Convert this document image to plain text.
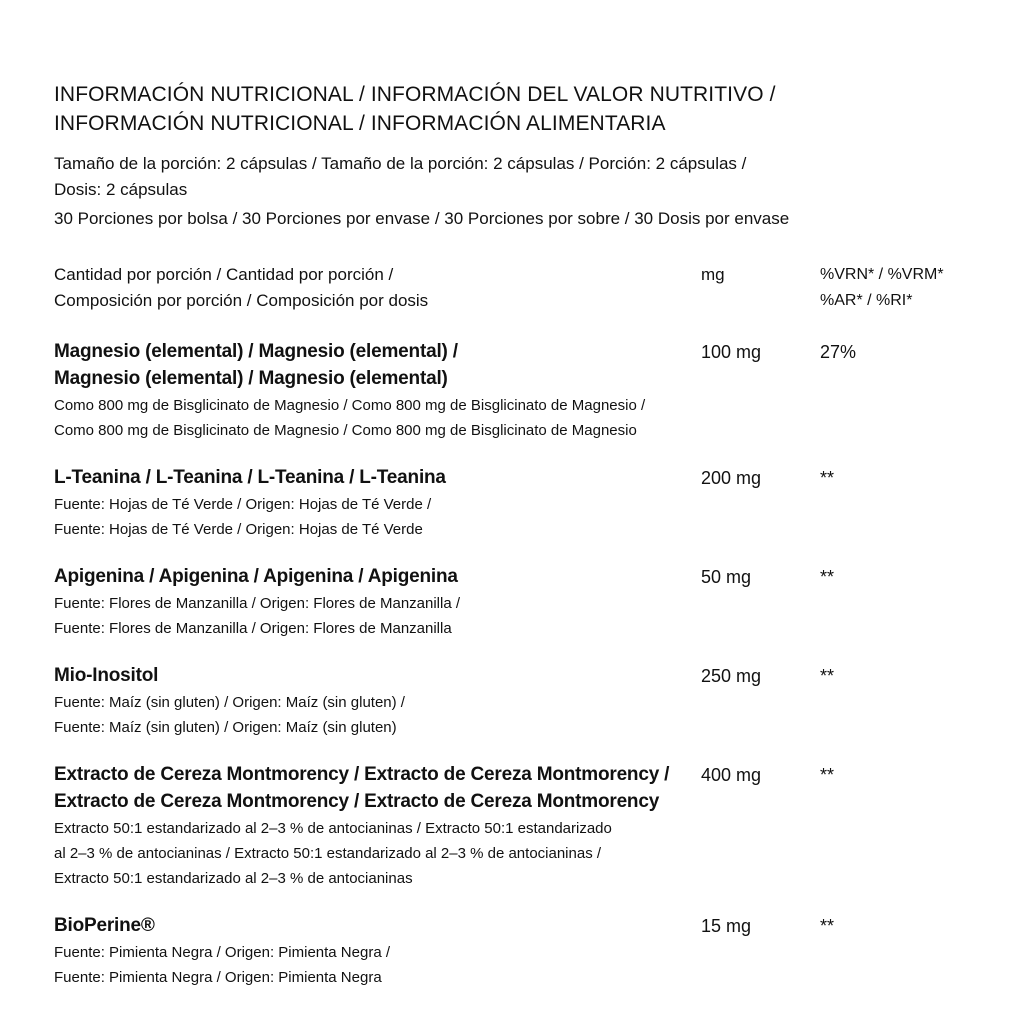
INFORMACIÓN NUTRICIONAL / INFORMACIÓN DEL VALOR NUTRITIVO /
INFORMACIÓN NUTRICIONAL / INFORMACIÓN ALIMENTARIA
Tamaño de la porción: 2 cápsulas / Tamaño de la porción: 2 cápsulas / Porción: 2 cápsulas /
Dosis: 2 cápsulas
30 Porciones por bolsa / 30 Porciones por envase / 30 Porciones por sobre / 30 Dosis por envase
Cantidad por porción / Cantidad por porción /
Composición por porción / Composición por dosis
mg	%VRN* / %VRM*
%AR* / %RI*
Magnesio (elemental) / Magnesio (elemental) /
Magnesio (elemental) / Magnesio (elemental)
Como 800 mg de Bisglicinato de Magnesio / Como 800 mg de Bisglicinato de Magnesio /
Como 800 mg de Bisglicinato de Magnesio / Como 800 mg de Bisglicinato de Magnesio
100 mg	27%
L-Teanina / L-Teanina / L-Teanina / L-Teanina
Fuente: Hojas de Té Verde / Origen: Hojas de Té Verde /
Fuente: Hojas de Té Verde / Origen: Hojas de Té Verde
200 mg	**
Apigenina / Apigenina / Apigenina / Apigenina
Fuente: Flores de Manzanilla / Origen: Flores de Manzanilla /
Fuente: Flores de Manzanilla / Origen: Flores de Manzanilla
50 mg	**
Mio-Inositol
Fuente: Maíz (sin gluten) / Origen: Maíz (sin gluten) /
Fuente: Maíz (sin gluten) / Origen: Maíz (sin gluten)
250 mg	**
Extracto de Cereza Montmorency / Extracto de Cereza Montmorency /
Extracto de Cereza Montmorency / Extracto de Cereza Montmorency
Extracto 50:1 estandarizado al 2–3 % de antocianinas / Extracto 50:1 estandarizado
al 2–3 % de antocianinas / Extracto 50:1 estandarizado al 2–3 % de antocianinas /
Extracto 50:1 estandarizado al 2–3 % de antocianinas
400 mg	**
BioPerine®
Fuente: Pimienta Negra / Origen: Pimienta Negra /
Fuente: Pimienta Negra / Origen: Pimienta Negra
15 mg	**
